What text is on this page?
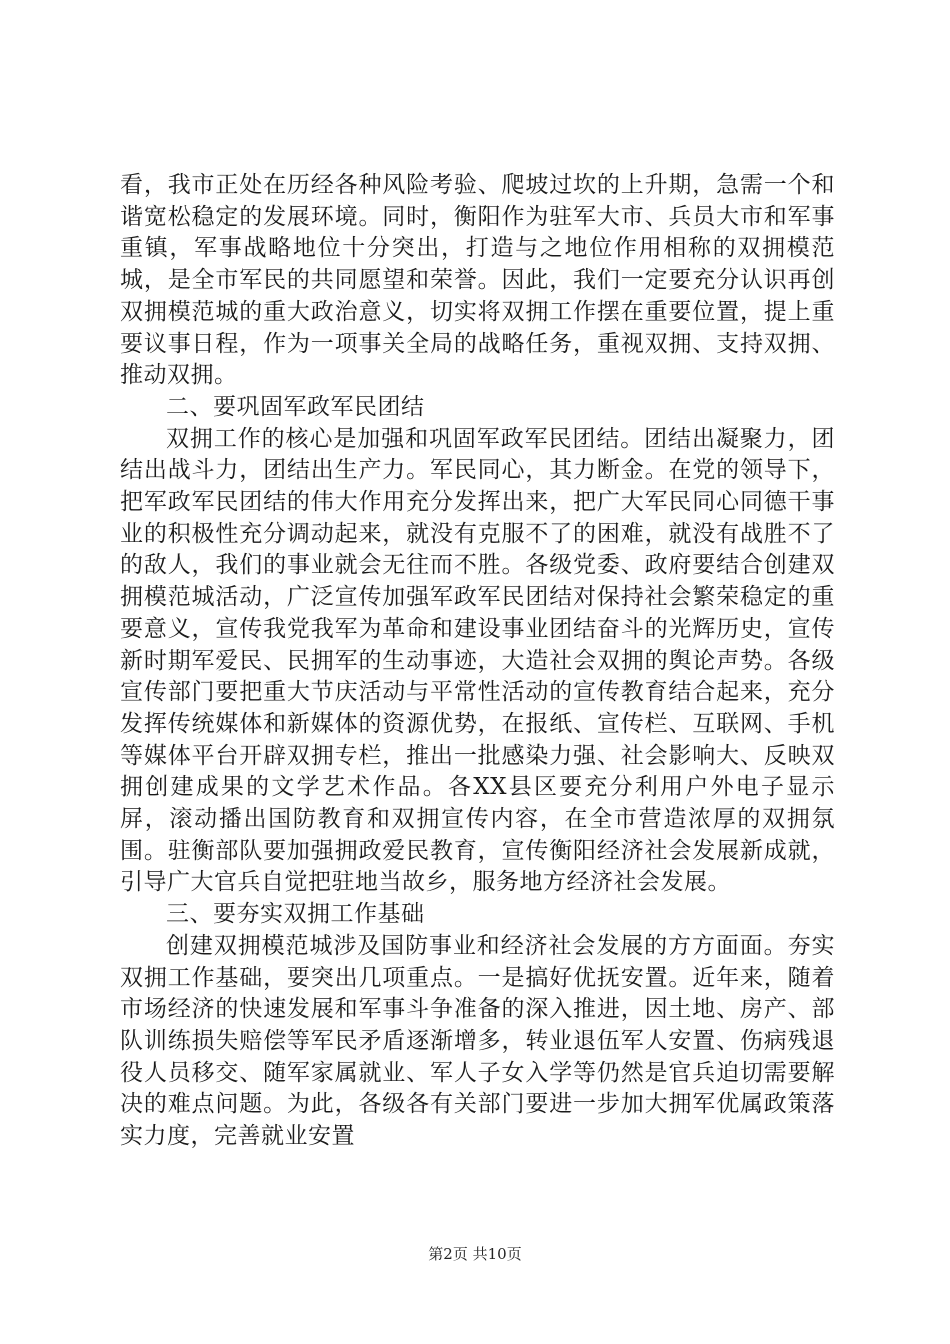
看，我市正处在历经各种风险考验、爬坡过坎的上升期，急需一个和谐宽松稳定的发展环境。同时，衡阳作为驻军大市、兵员大市和军事重镇，军事战略地位十分突出，打造与之地位作用相称的双拥模范城，是全市军民的共同愿望和荣誉。因此，我们一定要充分认识再创双拥模范城的重大政治意义，切实将双拥工作摆在重要位置，提上重要议事日程，作为一项事关全局的战略任务，重视双拥、支持双拥、推动双拥。

二、要巩固军政军民团结

双拥工作的核心是加强和巩固军政军民团结。团结出凝聚力，团结出战斗力，团结出生产力。军民同心，其力断金。在党的领导下，把军政军民团结的伟大作用充分发挥出来，把广大军民同心同德干事业的积极性充分调动起来，就没有克服不了的困难，就没有战胜不了的敌人，我们的事业就会无往而不胜。各级党委、政府要结合创建双拥模范城活动，广泛宣传加强军政军民团结对保持社会繁荣稳定的重要意义，宣传我党我军为革命和建设事业团结奋斗的光辉历史，宣传新时期军爱民、民拥军的生动事迹，大造社会双拥的舆论声势。各级宣传部门要把重大节庆活动与平常性活动的宣传教育结合起来，充分发挥传统媒体和新媒体的资源优势，在报纸、宣传栏、互联网、手机等媒体平台开辟双拥专栏，推出一批感染力强、社会影响大、反映双拥创建成果的文学艺术作品。各XX县区要充分利用户外电子显示屏，滚动播出国防教育和双拥宣传内容，在全市营造浓厚的双拥氛围。驻衡部队要加强拥政爱民教育，宣传衡阳经济社会发展新成就，引导广大官兵自觉把驻地当故乡，服务地方经济社会发展。

三、要夯实双拥工作基础

创建双拥模范城涉及国防事业和经济社会发展的方方面面。夯实双拥工作基础，要突出几项重点。一是搞好优抚安置。近年来，随着市场经济的快速发展和军事斗争准备的深入推进，因土地、房产、部队训练损失赔偿等军民矛盾逐渐增多，转业退伍军人安置、伤病残退役人员移交、随军家属就业、军人子女入学等仍然是官兵迫切需要解决的难点问题。为此，各级各有关部门要进一步加大拥军优属政策落实力度，完善就业安置

第2页 共10页
